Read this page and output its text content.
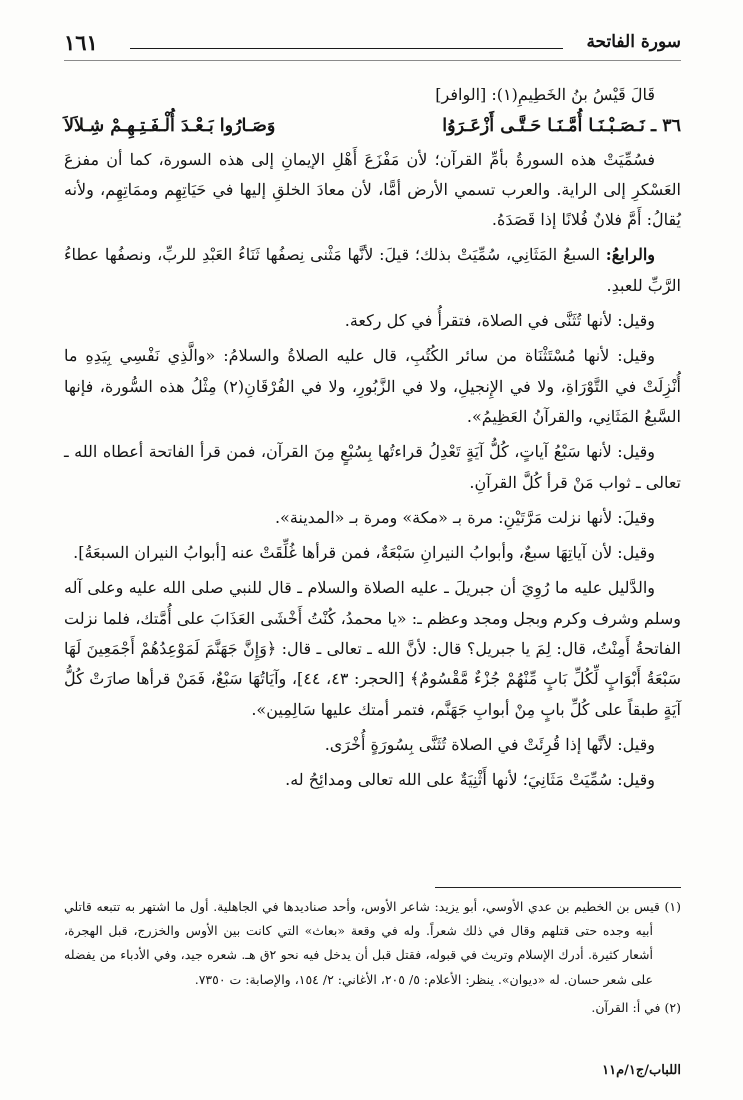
سورة الفاتحة
١٦١

قَالَ قَيْسُ بنُ الخَطِيمِ(١): [الوافر]

٣٦ ـ نَـصَـبْـنَـا أُمَّـنَـا حَـتَّـى أَزْعَـرَوُا
وَصَـارُوا بَـعْـدَ أُلْـفَـتِـهِـمْ شِـلاَلاَ

فسُمِّيَتْ هذه السورةُ بأمِّ القرآن؛ لأن مَفْزَعَ أَهْلِ الإيمانِ إلى هذه السورة، كما أن مفزعَ العَسْكرِ إلى الراية. والعرب تسمي الأرض أمًّا، لأن معادَ الخلقِ إليها في حَيَاتِهِم وممَاتِهِم، ولأنه يُقالُ: أَمَّ فلانٌ فُلانًا إذا قَصَدَهُ.

والرابعُ: السبعُ المَثَانِي، سُمِّيَتْ بذلك؛ قيلَ: لأنَّها مَثْنى نِصفُها ثَنَاءُ العَبْدِ للربِّ، ونصفُها عطاءُ الرَّبِّ للعبدِ.

وقيل: لأنها تُثَنَّى في الصلاة، فتقرأُ في كل ركعة.

وقيل: لأنها مُسْتَثْنَاة من سائر الكُتُبِ، قال عليه الصلاةُ والسلامُ: «والَّذِي نَفْسِي بِيَدِهِ ما أُنْزِلَتْ في التَّوْرَاةِ، ولا في الإِنجيلِ، ولا في الزَّبُورِ، ولا في الفُرْقَانِ(٢) مِثْلُ هذه السُّورة، فإنها السَّبعُ المَثَانِي، والقرآنُ العَظِيمُ».

وقيل: لأنها سَبْعُ آياتٍ، كُلُّ آيَةٍ تَعْدِلُ قراءتُها بِسُبْعٍ مِنَ القرآن، فمن قرأ الفاتحة أعطاه الله ـ تعالى ـ ثواب مَنْ قرأ كُلَّ القرآنِ.

وقيلَ: لأنها نزلت مَرَّتَيْنِ: مرة بـ «مكة» ومرة بـ «المدينة».

وقيل: لأن آياتِهَا سبعٌ، وأبوابُ النيرانِ سَبْعَةٌ، فمن قرأها غُلِّقَتْ عنه [أبوابُ النيران السبعَةُ].

والدَّليل عليه ما رُوِيَ أن جبريلَ ـ عليه الصلاة والسلام ـ قال للنبي صلى الله عليه وعلى آله وسلم وشرف وكرم وبجل ومجد وعظم ـ: «يا محمدُ، كُنْتُ أَخْشَى العَذَابَ على أُمَّتك، فلما نزلت الفاتحةُ أَمِنْتُ، قال: لِمَ يا جبريل؟ قال: لأنَّ الله ـ تعالى ـ قال: ﴿وَإِنَّ جَهَنَّمَ لَمَوْعِدُهُمْ أَجْمَعِينَ لَهَا سَبْعَةُ أَبْوَابٍ لِّكُلِّ بَابٍ مِّنْهُمْ جُزْءٌ مَّقْسُومٌ﴾ [الحجر: ٤٣، ٤٤]، وآيَاتُهَا سَبْعٌ، فَمَنْ قرأها صارَتْ كُلُّ آيَةٍ طبقاً على كُلِّ بابٍ مِنْ أبوابِ جَهَنَّم، فتمر أمتك عليها سَالِمِين».

وقيل: لأنَّها إذا قُرِئَتْ في الصلاة تُثَنَّى بِسُورَةٍ أُخْرَى.

وقيل: سُمِّيَتْ مَثَانِيَ؛ لأنها أَثْنِيَةٌ على الله تعالى ومدائِحُ له.

(١) قيس بن الخطيم بن عدي الأوسي، أبو يزيد: شاعر الأوس، وأحد صناديدها في الجاهلية. أول ما اشتهر به تتبعه قاتلي أبيه وجده حتى قتلهم وقال في ذلك شعراً. وله في وقعة «بعاث» التي كانت بين الأوس والخزرج، قبل الهجرة، أشعار كثيرة. أدرك الإسلام وتريث في قبوله، فقتل قبل أن يدخل فيه نحو ٢ق هـ. شعره جيد، وفي الأدباء من يفضله على شعر حسان. له «ديوان». ينظر: الأعلام: ٥/ ٢٠٥، الأغاني: ٢/ ١٥٤، والإصابة: ت ٧٣٥٠.

(٢) في أ: القرآن.

اللباب/ج١/م١١
